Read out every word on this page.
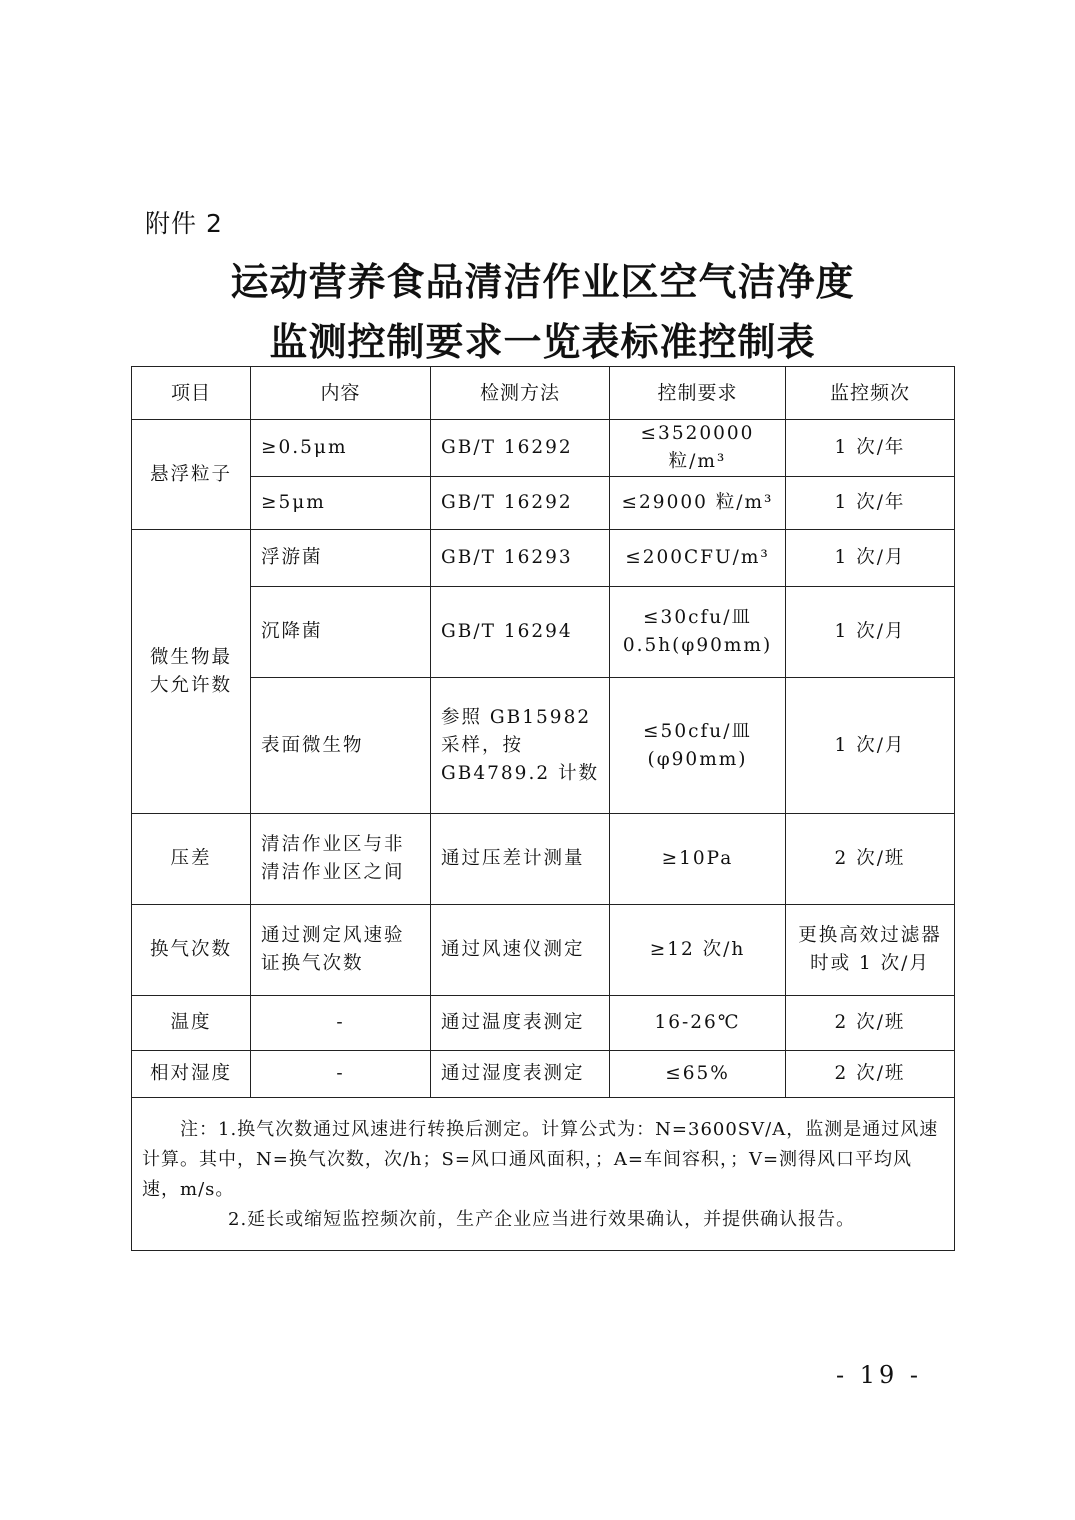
附件 2
运动营养食品清洁作业区空气洁净度
监测控制要求一览表标准控制表
项目	内容	检测方法	控制要求	监控频次
悬浮粒子	≥0.5μm	GB/T 16292	≤3520000 粒/m³	1 次/年
	≥5μm	GB/T 16292	≤29000 粒/m³	1 次/年
微生物最大允许数	浮游菌	GB/T 16293	≤200CFU/m³	1 次/月
	沉降菌	GB/T 16294	≤30cfu/皿 0.5h(φ90mm)	1 次/月
	表面微生物	参照 GB15982 采样，按 GB4789.2 计数	≤50cfu/皿(φ90mm)	1 次/月
压差	清洁作业区与非清洁作业区之间	通过压差计测量	≥10Pa	2 次/班
换气次数	通过测定风速验证换气次数	通过风速仪测定	≥12 次/h	更换高效过滤器时或 1 次/月
温度	-	通过温度表测定	16-26℃	2 次/班
相对湿度	-	通过湿度表测定	≤65%	2 次/班

注：1.换气次数通过风速进行转换后测定。计算公式为：N=3600SV/A，监测是通过风速计算。其中，N=换气次数，次/h；S=风口通风面积，；A=车间容积，；V=测得风口平均风速，m/s。
2.延长或缩短监控频次前，生产企业应当进行效果确认，并提供确认报告。				
- 19 -
